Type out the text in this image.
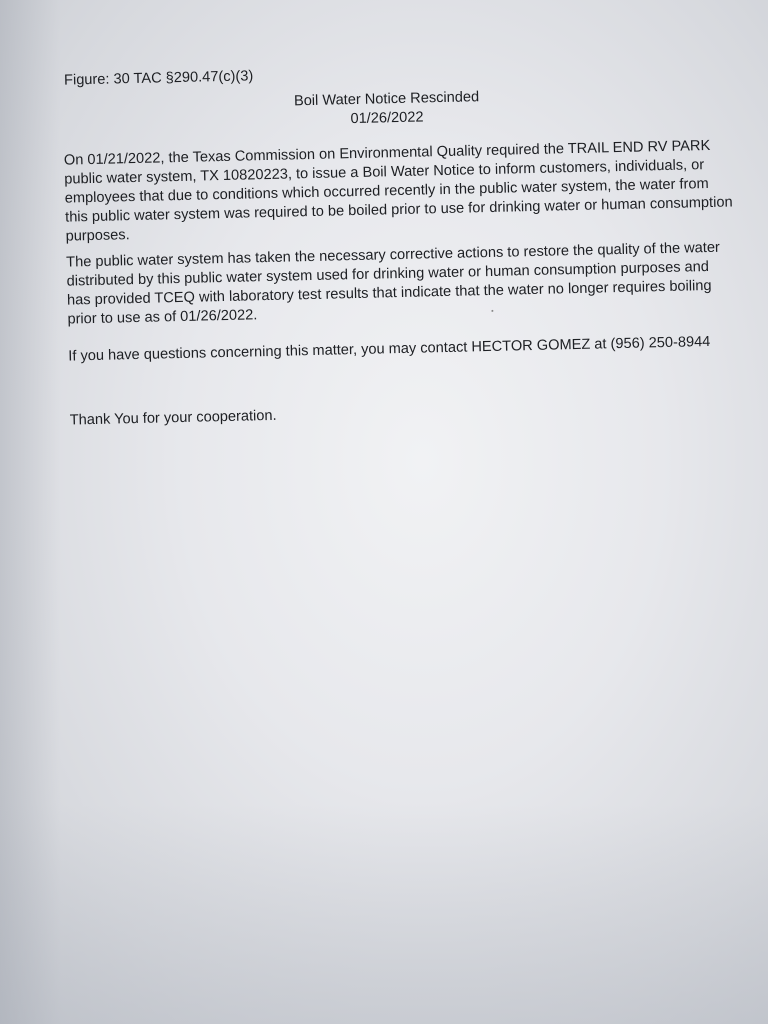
Figure: 30 TAC §290.47(c)(3)

Boil Water Notice Rescinded
01/26/2022

On 01/21/2022, the Texas Commission on Environmental Quality required the TRAIL END RV PARK public water system, TX 10820223, to issue a Boil Water Notice to inform customers, individuals, or employees that due to conditions which occurred recently in the public water system, the water from this public water system was required to be boiled prior to use for drinking water or human consumption purposes.

The public water system has taken the necessary corrective actions to restore the quality of the water distributed by this public water system used for drinking water or human consumption purposes and has provided TCEQ with laboratory test results that indicate that the water no longer requires boiling prior to use as of 01/26/2022.

If you have questions concerning this matter, you may contact HECTOR GOMEZ at (956) 250-8944

Thank You for your cooperation.
